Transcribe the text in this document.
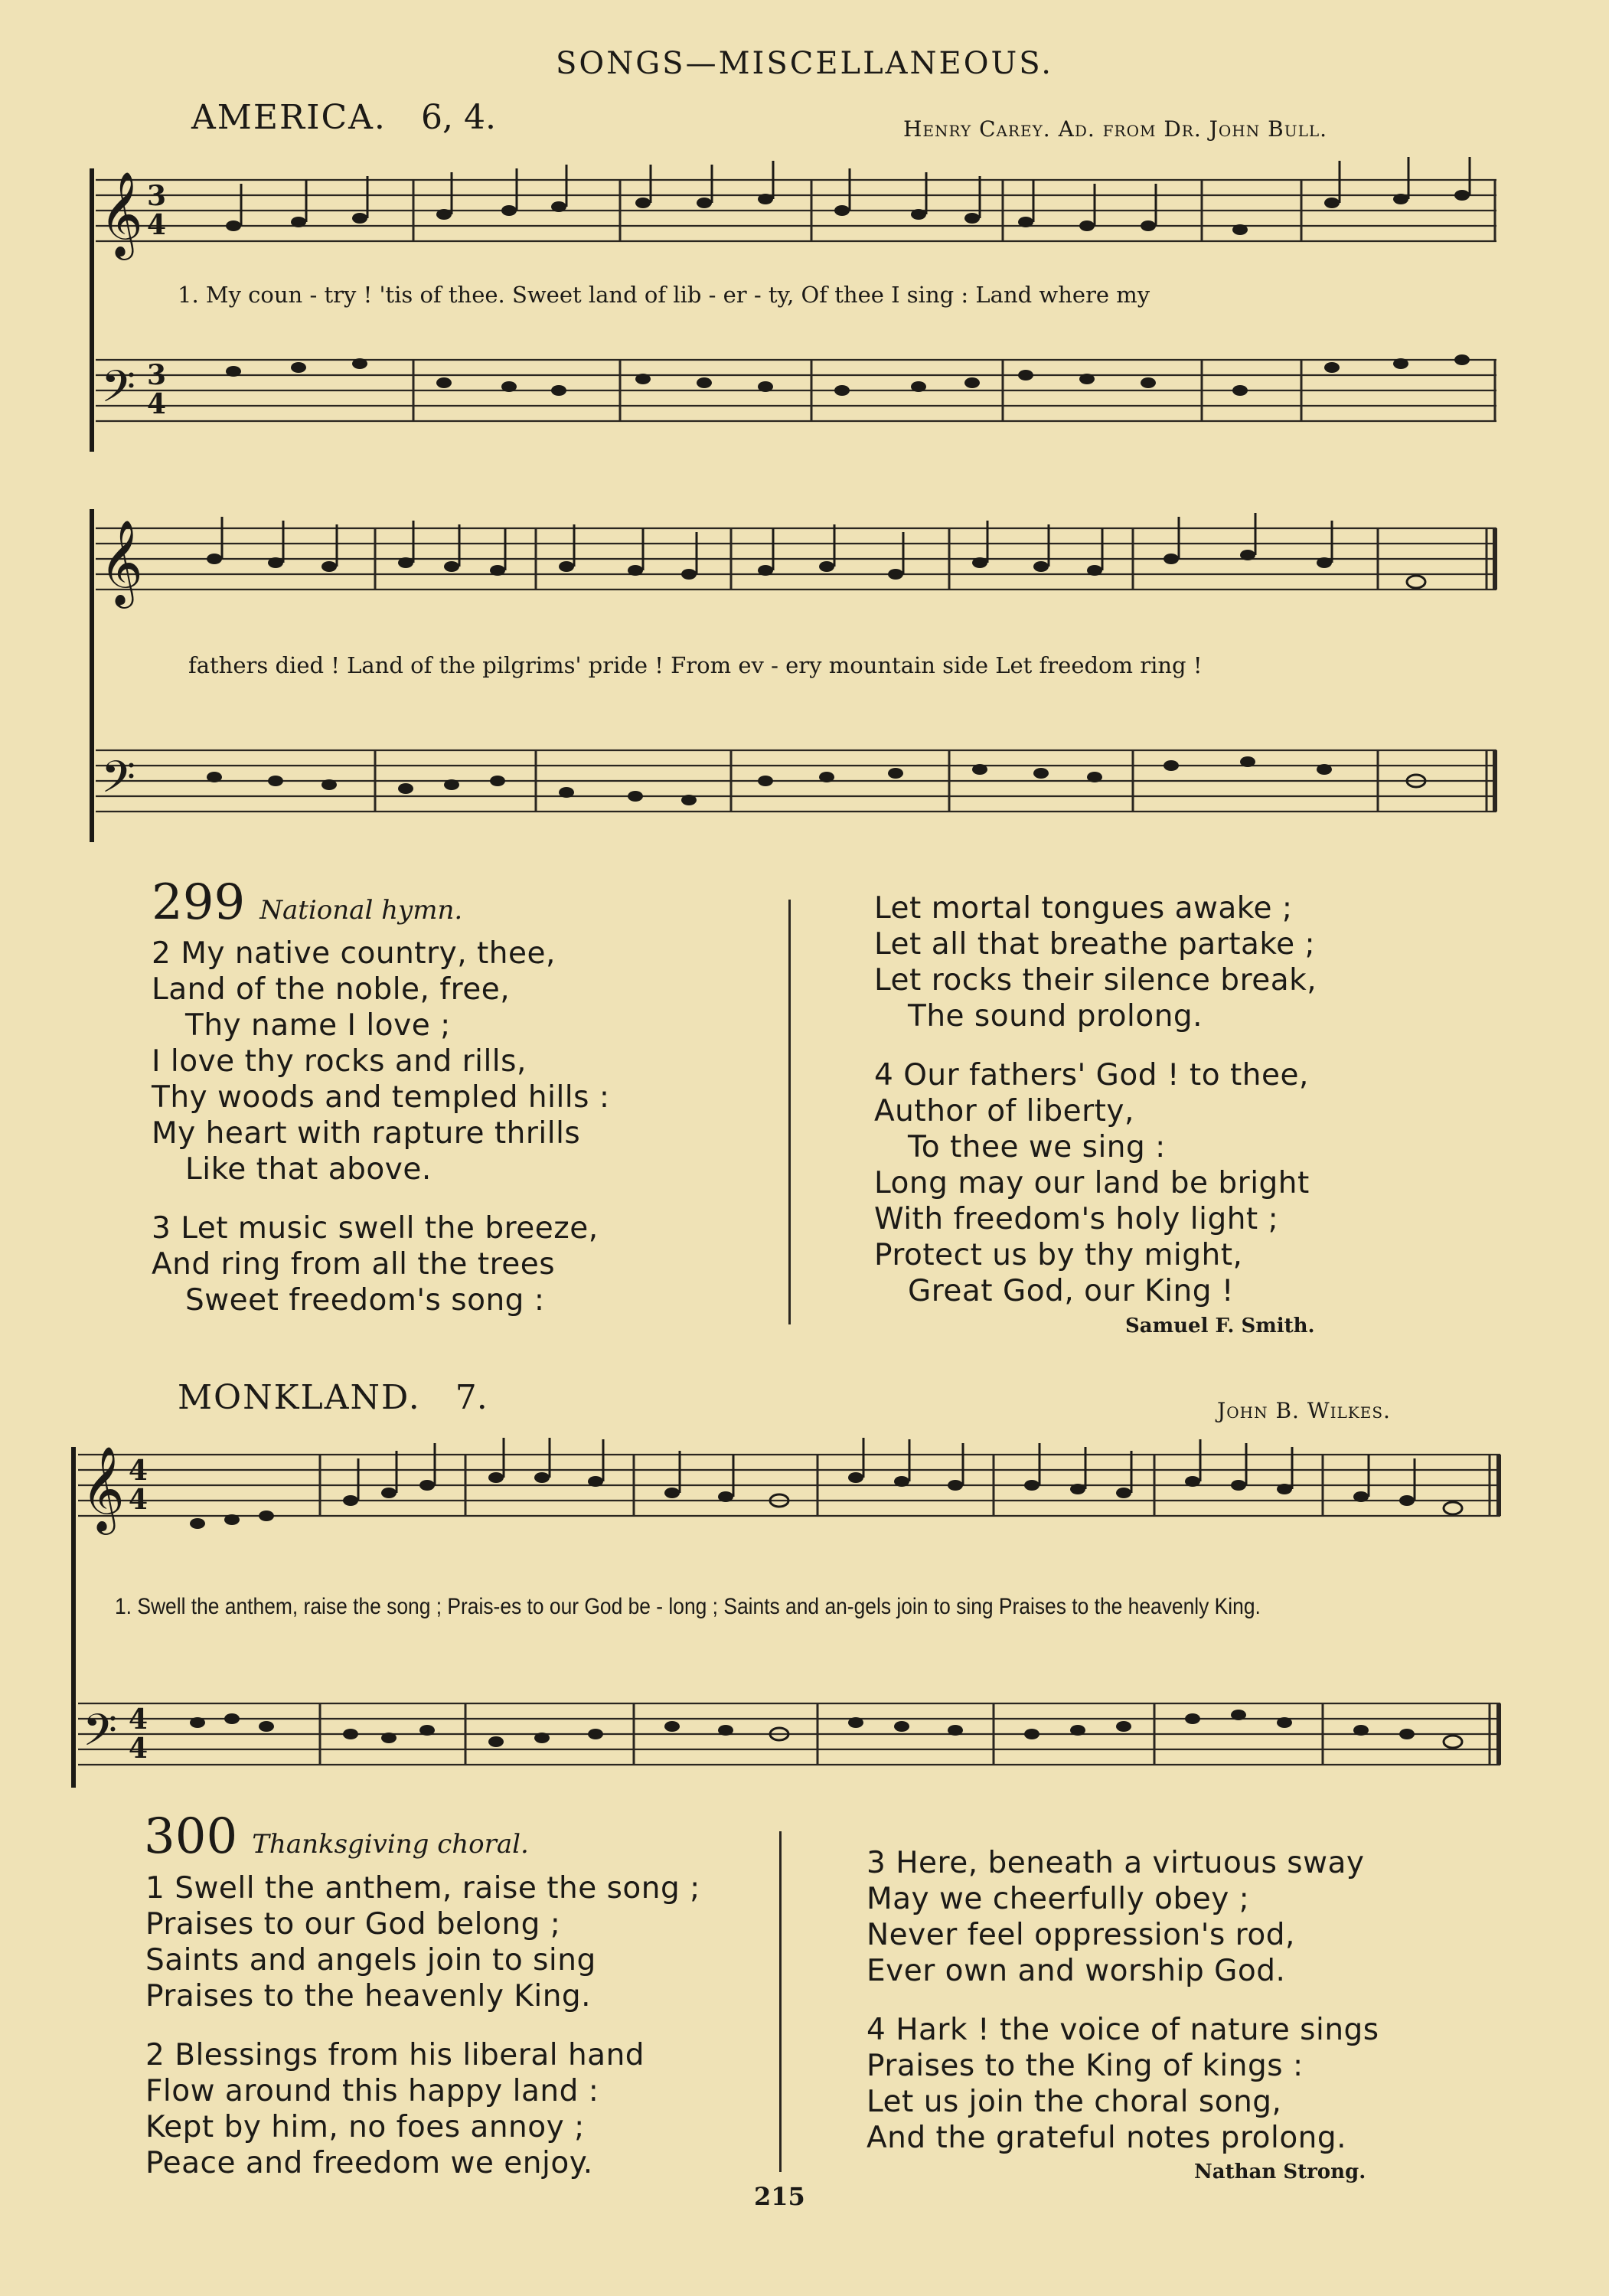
SONGS—MISCELLANEOUS.
AMERICA. 6, 4.	Henry Carey. Ad. from Dr. John Bull.
𝄞
𝄢
3
4
3
4
1. My coun - try ! 'tis of thee. Sweet land of lib - er - ty, Of thee I sing : Land where my
𝄞
𝄢
fathers died ! Land of the pilgrims' pride ! From ev - ery mountain side Let freedom ring !
299 National hymn.
2 My native country, thee,
Land of the noble, free,
Thy name I love ;
I love thy rocks and rills,
Thy woods and templed hills :
My heart with rapture thrills
Like that above.
3 Let music swell the breeze,
And ring from all the trees
Sweet freedom's song :
Let mortal tongues awake ;
Let all that breathe partake ;
Let rocks their silence break,
The sound prolong.
4 Our fathers' God ! to thee,
Author of liberty,
To thee we sing :
Long may our land be bright
With freedom's holy light ;
Protect us by thy might,
Great God, our King !
Samuel F. Smith.
MONKLAND. 7.	John B. Wilkes.
𝄞
𝄢
4
4
4
4
1. Swell the anthem, raise the song ; Prais-es to our God be - long ; Saints and an-gels join to sing Praises to the heavenly King.
300 Thanksgiving choral.
1 Swell the anthem, raise the song ;
Praises to our God belong ;
Saints and angels join to sing
Praises to the heavenly King.
2 Blessings from his liberal hand
Flow around this happy land :
Kept by him, no foes annoy ;
Peace and freedom we enjoy.
3 Here, beneath a virtuous sway
May we cheerfully obey ;
Never feel oppression's rod,
Ever own and worship God.
4 Hark ! the voice of nature sings
Praises to the King of kings :
Let us join the choral song,
And the grateful notes prolong.
Nathan Strong.
215
